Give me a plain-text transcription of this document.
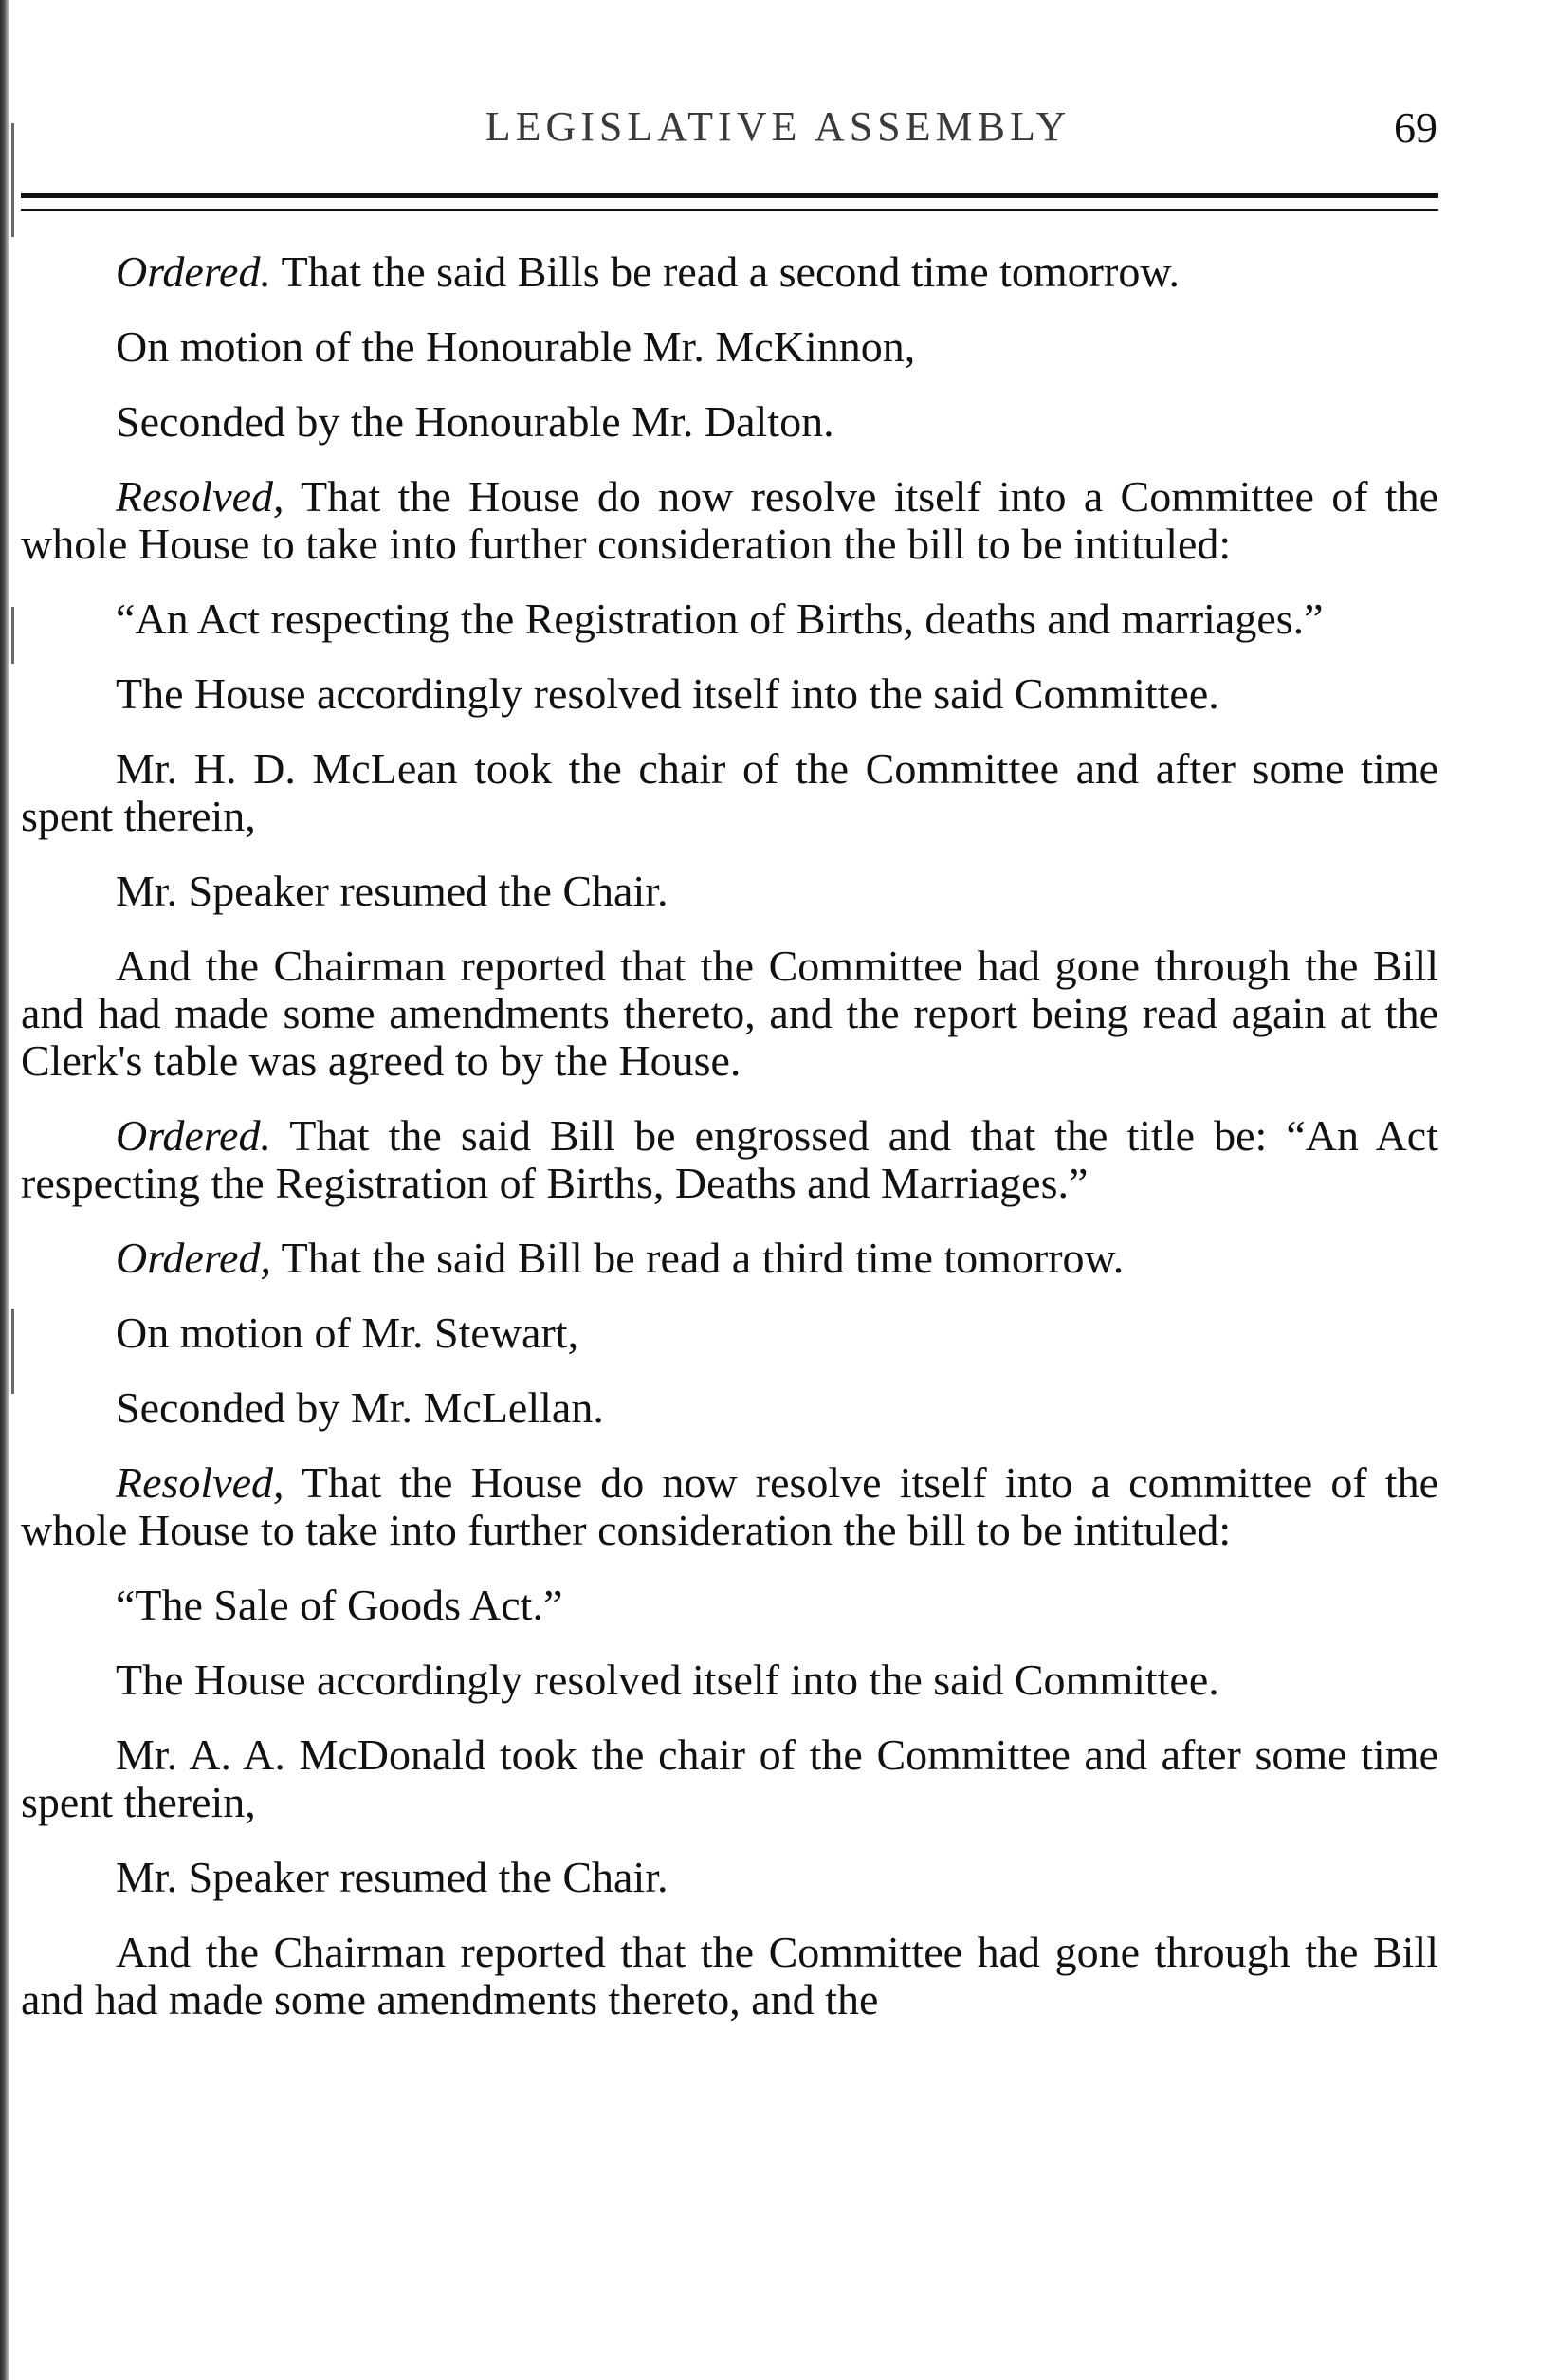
LEGISLATIVE ASSEMBLY	69

Ordered. That the said Bills be read a second time tomorrow.

On motion of the Honourable Mr. McKinnon,

Seconded by the Honourable Mr. Dalton.

Resolved, That the House do now resolve itself into a Committee of the whole House to take into further consideration the bill to be intituled:

“An Act respecting the Registration of Births, deaths and marriages.”

The House accordingly resolved itself into the said Committee.

Mr. H. D. McLean took the chair of the Committee and after some time spent therein,

Mr. Speaker resumed the Chair.

And the Chairman reported that the Committee had gone through the Bill and had made some amendments thereto, and the report being read again at the Clerk's table was agreed to by the House.

Ordered. That the said Bill be engrossed and that the title be: “An Act respecting the Registration of Births, Deaths and Marriages.”

Ordered, That the said Bill be read a third time tomorrow.

On motion of Mr. Stewart,

Seconded by Mr. McLellan.

Resolved, That the House do now resolve itself into a committee of the whole House to take into further consideration the bill to be intituled:

“The Sale of Goods Act.”

The House accordingly resolved itself into the said Committee.

Mr. A. A. McDonald took the chair of the Committee and after some time spent therein,

Mr. Speaker resumed the Chair.

And the Chairman reported that the Committee had gone through the Bill and had made some amendments thereto, and the
